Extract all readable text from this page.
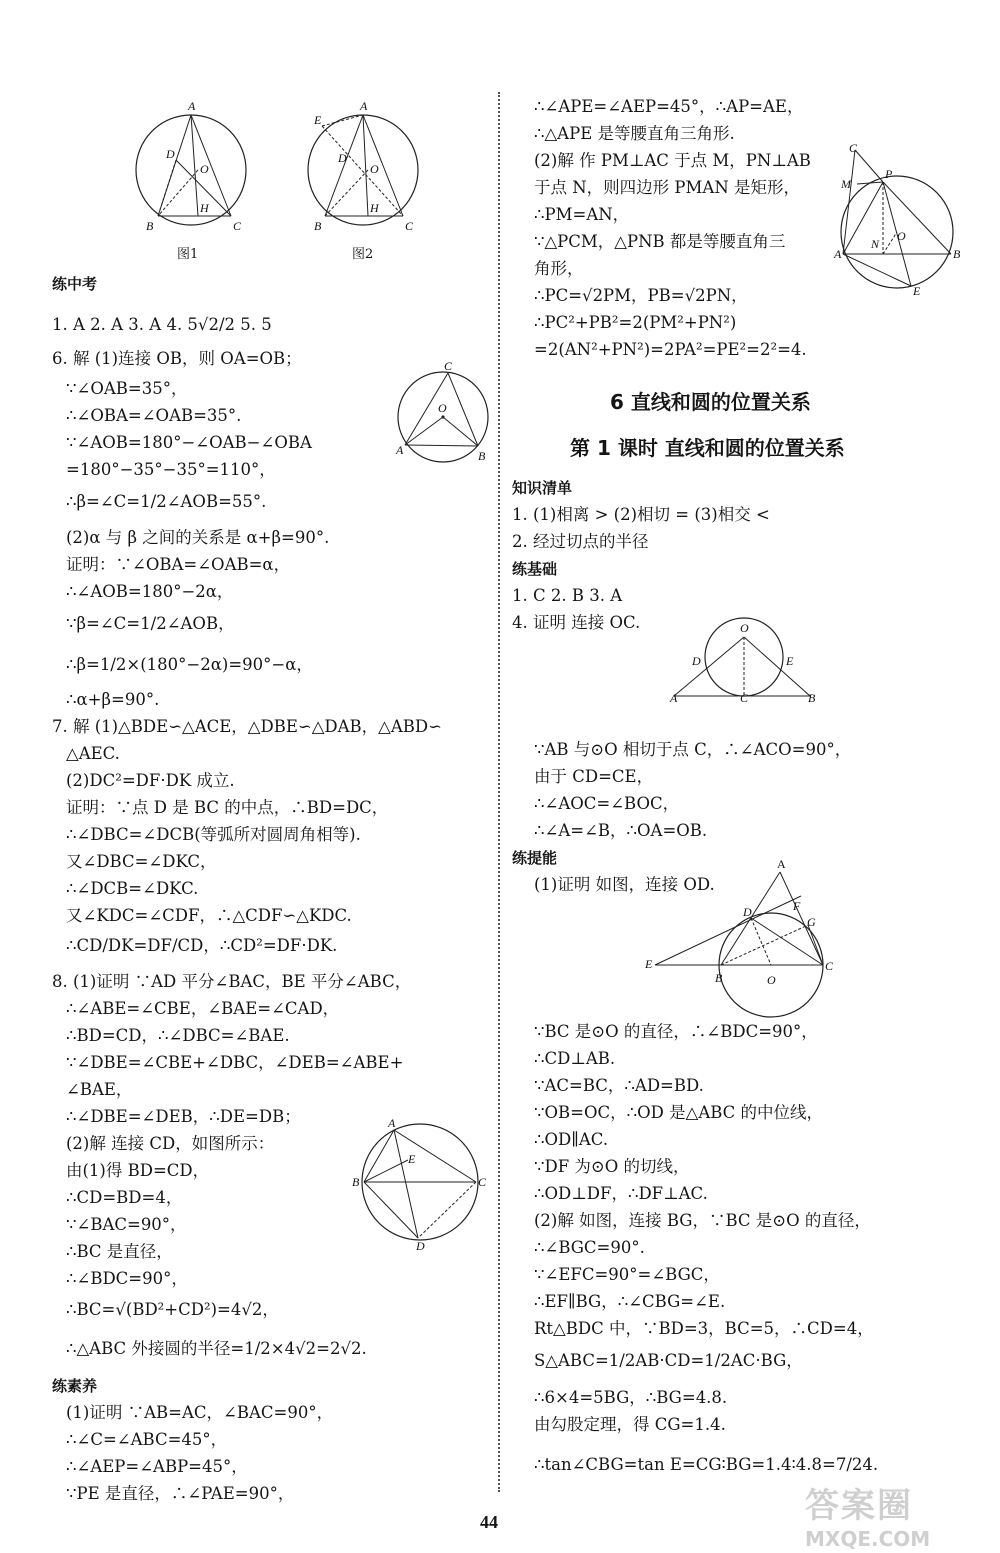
A
B	C
D
O
H
图1
A
E
B	C
D
O
H
图2
O
C
A	B
A
B	C
E
D
C
P
M
A	B
E
N
O
O
D	E
A	C	B
A
F
G
D
E
B	O
C
44	答案圈
MXQE.COM
练中考
1. A 2. A 3. A 4. 5√2/2 5. 5
6. 解 (1)连接 OB，则 OA=OB；
∵∠OAB=35°，
∴∠OBA=∠OAB=35°.
∵∠AOB=180°−∠OAB−∠OBA
=180°−35°−35°=110°，
∴β=∠C=1/2∠AOB=55°.
(2)α 与 β 之间的关系是 α+β=90°.
证明：∵∠OBA=∠OAB=α，
∴∠AOB=180°−2α，
∵β=∠C=1/2∠AOB，
∴β=1/2×(180°−2α)=90°−α，
∴α+β=90°.
7. 解 (1)△BDE∽△ACE，△DBE∽△DAB，△ABD∽
△AEC.
(2)DC²=DF·DK 成立.
证明：∵点 D 是 BC 的中点，∴BD=DC，
∴∠DBC=∠DCB(等弧所对圆周角相等).
又∠DBC=∠DKC，
∴∠DCB=∠DKC.
又∠KDC=∠CDF，∴△CDF∽△KDC.
∴CD/DK=DF/CD，∴CD²=DF·DK.
8. (1)证明 ∵AD 平分∠BAC，BE 平分∠ABC，
∴∠ABE=∠CBE，∠BAE=∠CAD，
∴BD=CD，∴∠DBC=∠BAE.
∵∠DBE=∠CBE+∠DBC，∠DEB=∠ABE+
∠BAE，
∴∠DBE=∠DEB，∴DE=DB；
(2)解 连接 CD，如图所示：
由(1)得 BD=CD，
∴CD=BD=4，
∵∠BAC=90°，
∴BC 是直径，
∴∠BDC=90°，
∴BC=√(BD²+CD²)=4√2，
∴△ABC 外接圆的半径=1/2×4√2=2√2.
练素养
(1)证明 ∵AB=AC，∠BAC=90°，
∴∠C=∠ABC=45°，
∴∠AEP=∠ABP=45°，
∵PE 是直径，∴∠PAE=90°，
∴∠APE=∠AEP=45°，∴AP=AE，
∴△APE 是等腰直角三角形.
(2)解 作 PM⊥AC 于点 M，PN⊥AB
于点 N，则四边形 PMAN 是矩形，
∴PM=AN，
∵△PCM，△PNB 都是等腰直角三
角形，
∴PC=√2PM，PB=√2PN，
∴PC²+PB²=2(PM²+PN²)
=2(AN²+PN²)=2PA²=PE²=2²=4.
6 直线和圆的位置关系
第 1 课时 直线和圆的位置关系
知识清单
1. (1)相离 > (2)相切 = (3)相交 <
2. 经过切点的半径
练基础
1. C 2. B 3. A
4. 证明 连接 OC.
∵AB 与⊙O 相切于点 C，∴∠ACO=90°，
由于 CD=CE，
∴∠AOC=∠BOC，
∴∠A=∠B，∴OA=OB.
练提能
(1)证明 如图，连接 OD.
∵BC 是⊙O 的直径，∴∠BDC=90°，
∴CD⊥AB.
∵AC=BC，∴AD=BD.
∵OB=OC，∴OD 是△ABC 的中位线，
∴OD∥AC.
∵DF 为⊙O 的切线，
∴OD⊥DF，∴DF⊥AC.
(2)解 如图，连接 BG，∵BC 是⊙O 的直径，
∴∠BGC=90°.
∵∠EFC=90°=∠BGC，
∴EF∥BG，∴∠CBG=∠E.
Rt△BDC 中，∵BD=3，BC=5，∴CD=4，
S△ABC=1/2AB·CD=1/2AC·BG，
∴6×4=5BG，∴BG=4.8.
由勾股定理，得 CG=1.4.
∴tan∠CBG=tan E=CG∶BG=1.4∶4.8=7/24.
